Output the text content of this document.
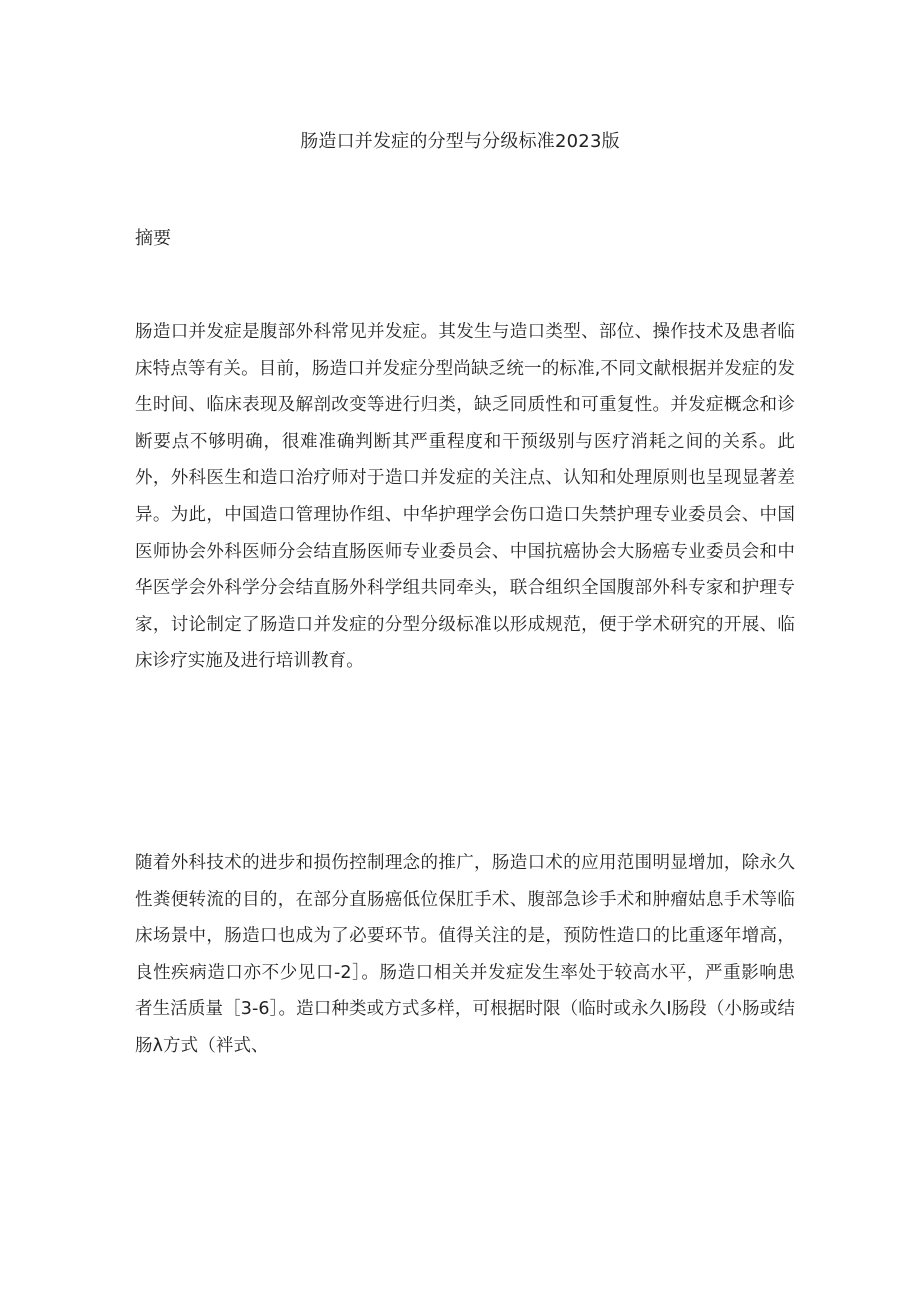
肠造口并发症的分型与分级标准2023版
摘要

肠造口并发症是腹部外科常见并发症。其发生与造口类型、部位、操作技术及患者临床特点等有关。目前，肠造口并发症分型尚缺乏统一的标准,不同文献根据并发症的发生时间、临床表现及解剖改变等进行归类，缺乏同质性和可重复性。并发症概念和诊断要点不够明确，很难准确判断其严重程度和干预级别与医疗消耗之间的关系。此外，外科医生和造口治疗师对于造口并发症的关注点、认知和处理原则也呈现显著差异。为此，中国造口管理协作组、中华护理学会伤口造口失禁护理专业委员会、中国医师协会外科医师分会结直肠医师专业委员会、中国抗癌协会大肠癌专业委员会和中华医学会外科学分会结直肠外科学组共同牵头，联合组织全国腹部外科专家和护理专家，讨论制定了肠造口并发症的分型分级标准以形成规范，便于学术研究的开展、临床诊疗实施及进行培训教育。

随着外科技术的进步和损伤控制理念的推广，肠造口术的应用范围明显增加，除永久性粪便转流的目的，在部分直肠癌低位保肛手术、腹部急诊手术和肿瘤姑息手术等临床场景中，肠造口也成为了必要环节。值得关注的是，预防性造口的比重逐年增高，良性疾病造口亦不少见口-2］。肠造口相关并发症发生率处于较高水平，严重影响患者生活质量［3-6］。造口种类或方式多样，可根据时限（临时或永久I肠段（小肠或结肠λ方式（袢式、
